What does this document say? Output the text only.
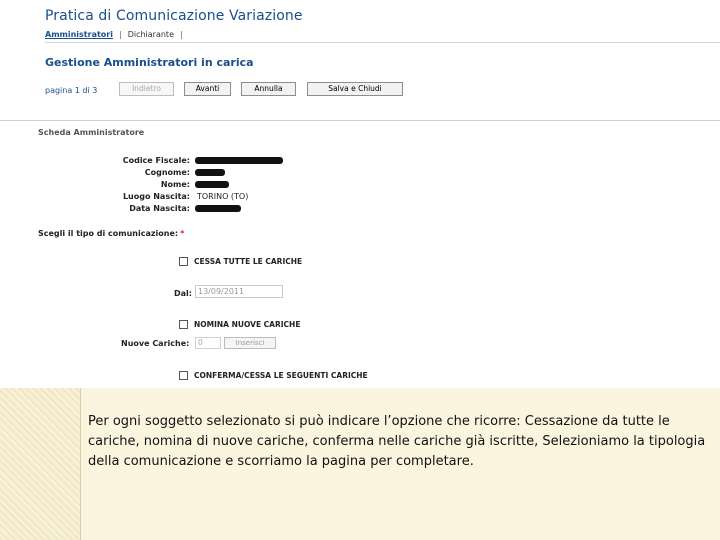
Pratica di Comunicazione Variazione
Amministratori | Dichiarante |
Gestione Amministratori in carica
pagina 1 di 3	Indietro	Avanti	Annulla	Salva e Chiudi
Scheda Amministratore
Codice Fiscale:
Cognome:
Nome:
Luogo Nascita: TORINO (TO)
Data Nascita:
Scegli il tipo di comunicazione: *
CESSA TUTTE LE CARICHE
Dal: 13/09/2011
NOMINA NUOVE CARICHE
Nuove Cariche:	0	Inserisci
CONFERMA/CESSA LE SEGUENTI CARICHE
Per ogni soggetto selezionato si può indicare l’opzione che ricorre: Cessazione da tutte le cariche, nomina di nuove cariche, conferma nelle cariche già iscritte, Selezioniamo la tipologia della comunicazione e scorriamo la pagina per completare.
